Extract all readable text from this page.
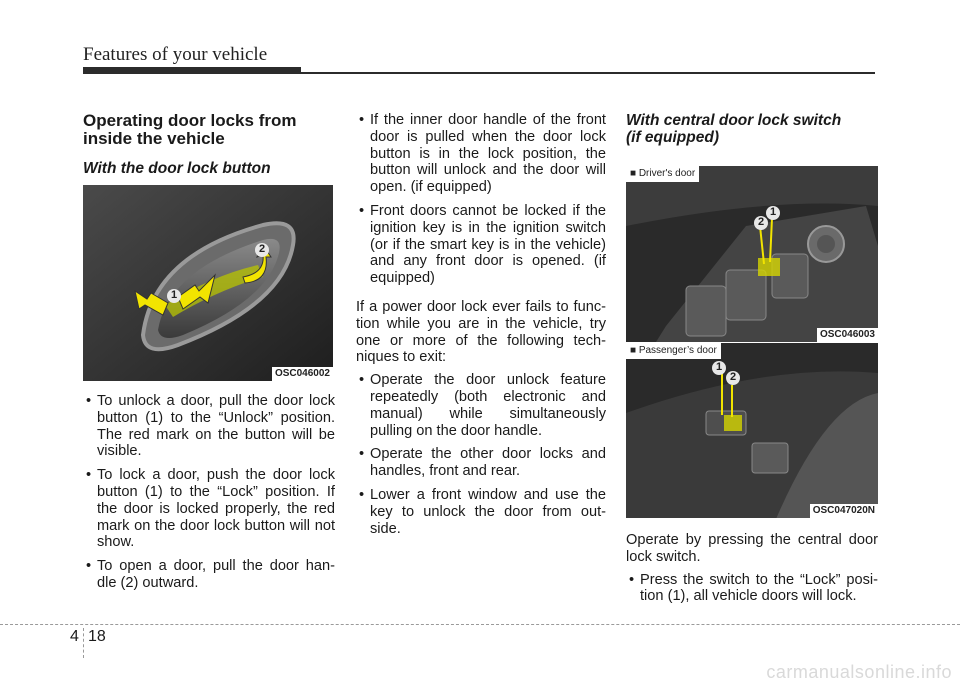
Features of your vehicle
Operating door locks from
inside the vehicle
With the door lock button
1
2
OSC046002
• To unlock a door, pull the door lock button (1) to the “Unlock” position. The red mark on the button will be visible.
• To lock a door, push the door lock button (1) to the “Lock” position. If the door is locked properly, the red mark on the door lock button will not show.
• To open a door, pull the door han- dle (2) outward.
• If the inner door handle of the front door is pulled when the door lock button is in the lock position, the button will unlock and the door will open. (if equipped)
• Front doors cannot be locked if the ignition key is in the ignition switch (or if the smart key is in the vehicle) and any front door is opened. (if equipped)

If a power door lock ever fails to func- tion while you are in the vehicle, try one or more of the following tech- niques to exit:

• Operate the door unlock feature repeatedly (both electronic and manual) while simultaneously pulling on the door handle.
• Operate the other door locks and handles, front and rear.
• Lower a front window and use the key to unlock the door from out- side.
With central door lock switch
(if equipped)
■ Driver's door
2
1
OSC046003
■ Passenger’s door
1
2
OSC047020N

Operate by pressing the central door lock switch.

• Press the switch to the “Lock” posi- tion (1), all vehicle doors will lock.
4 18
carmanualsonline.info
